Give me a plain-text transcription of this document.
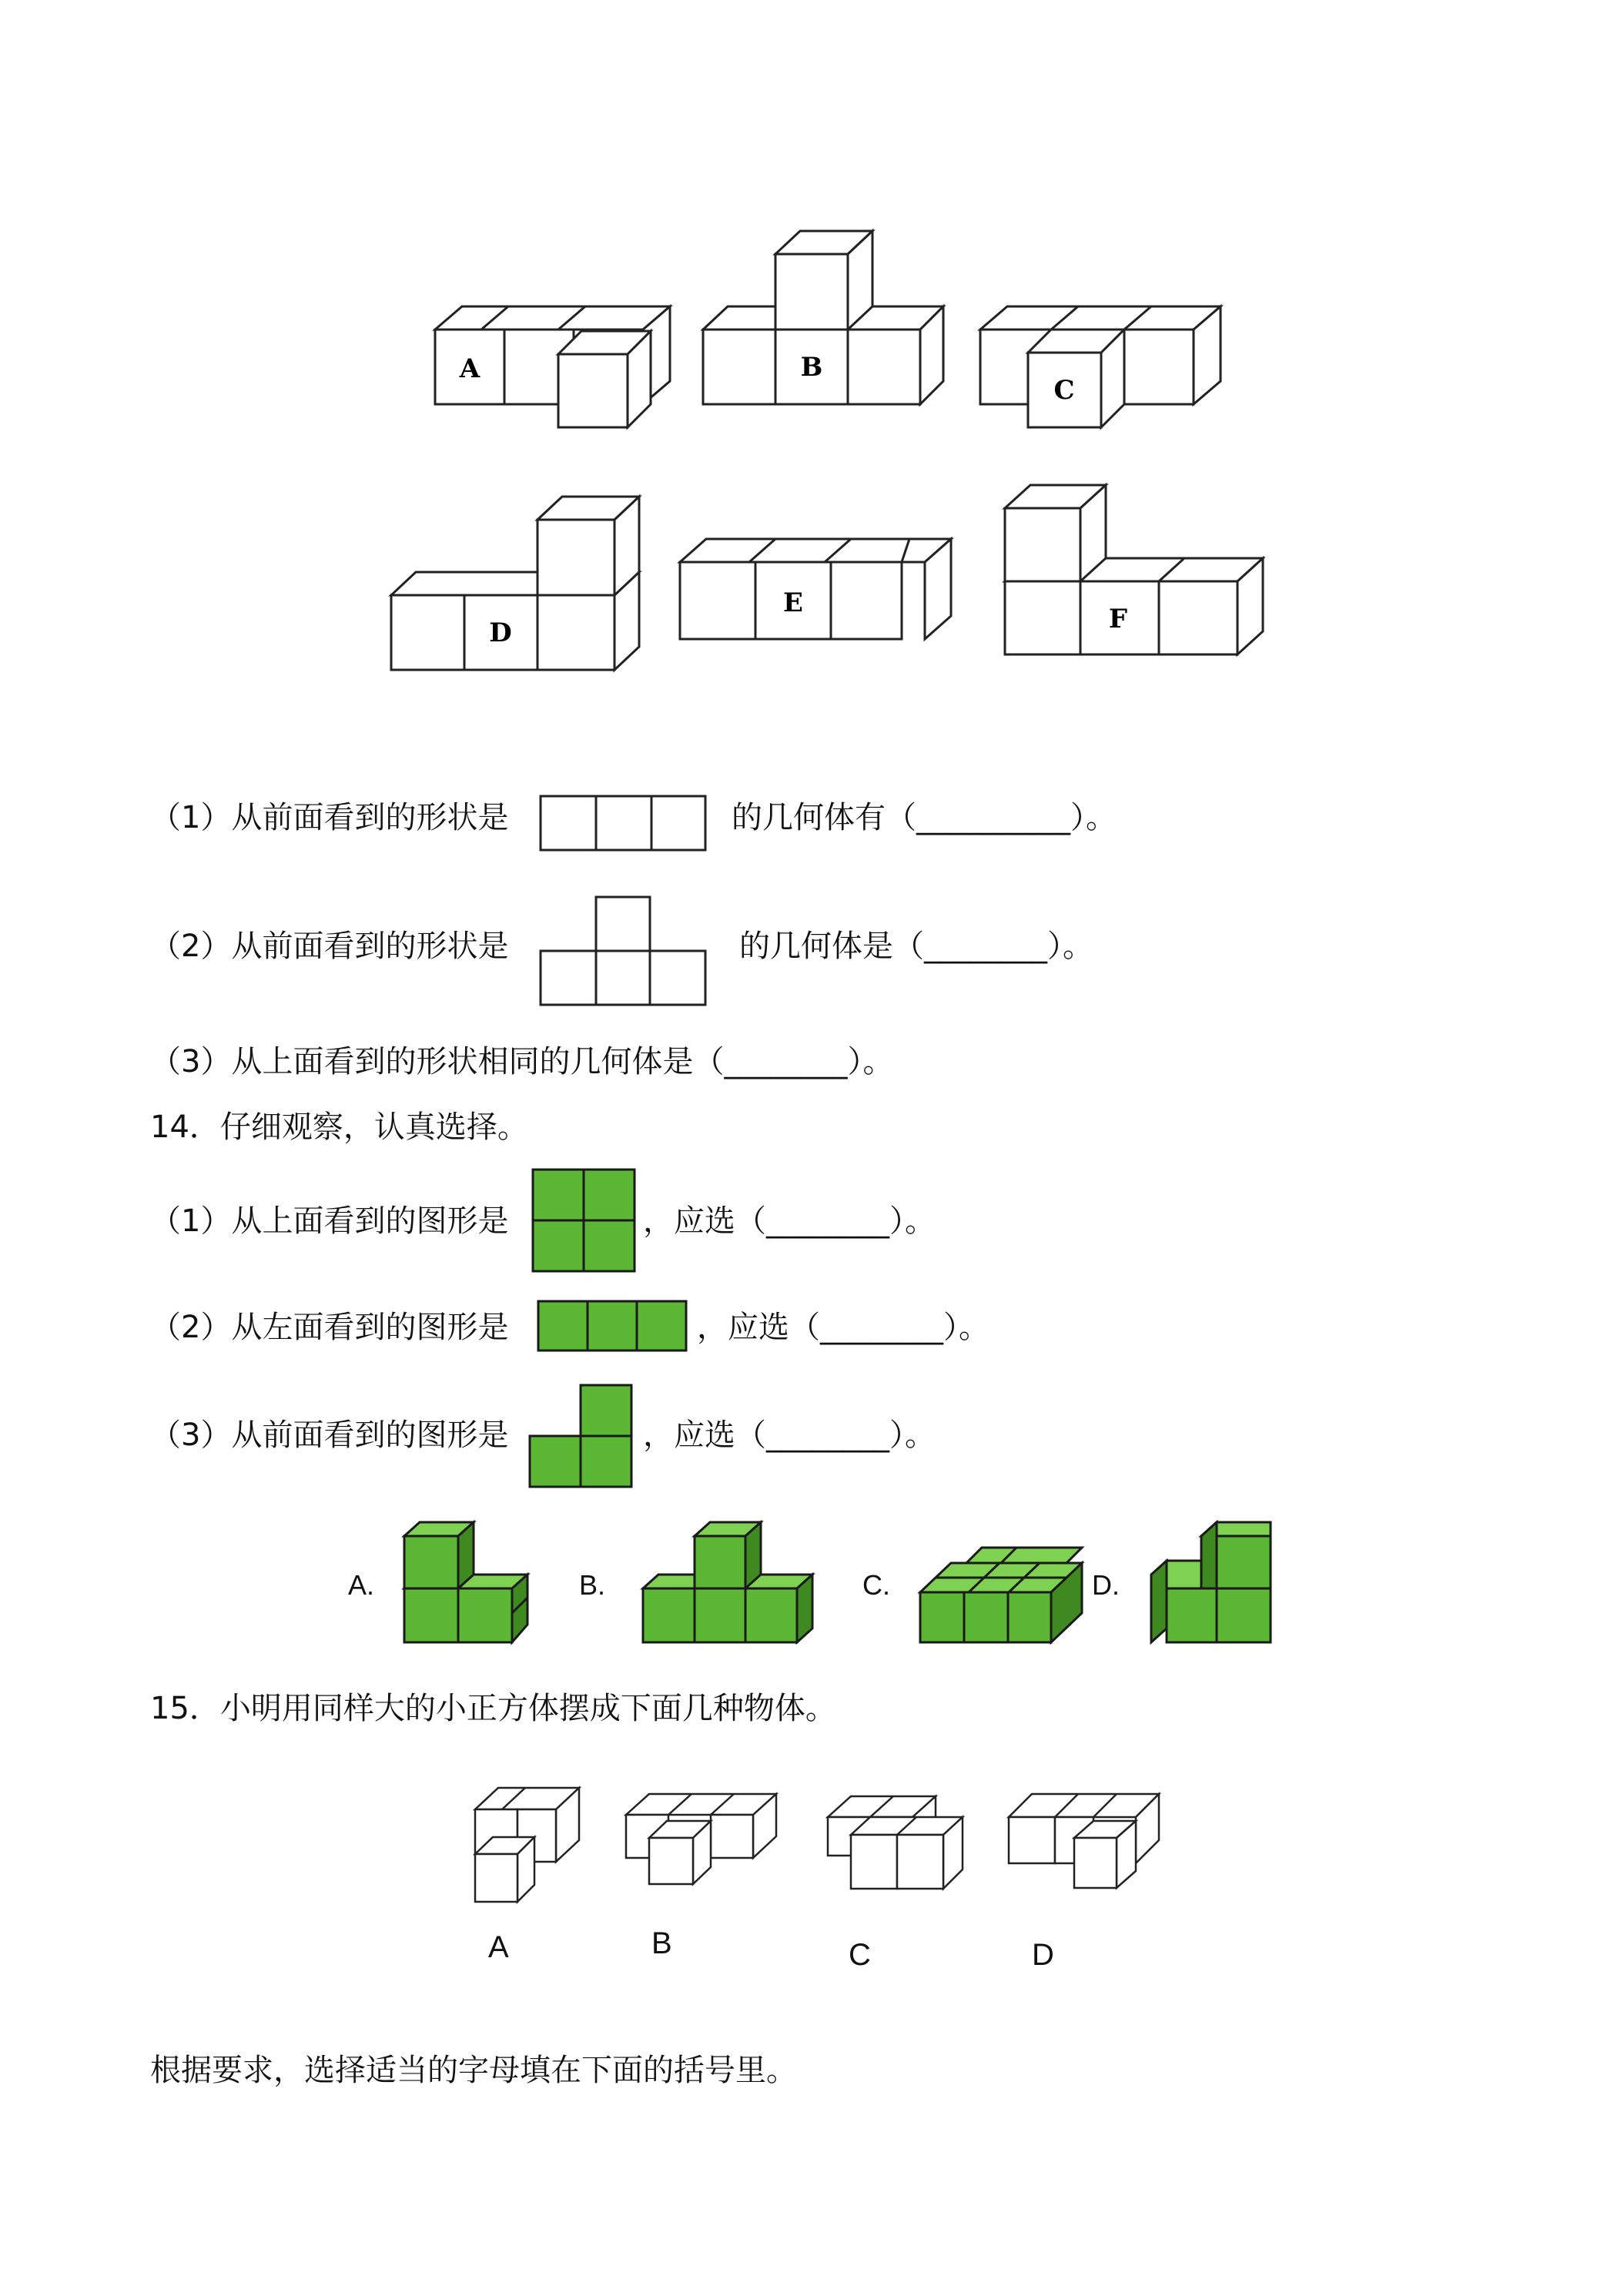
A	B
C
D
E
F
（1）从前面看到的形状是	的几何体有（__________）。
（2）从前面看到的形状是	的几何体是（________）。
（3）从上面看到的形状相同的几何体是（________）。
14．仔细观察，认真选择。
（1）从上面看到的图形是	，应选（________）。
（2）从左面看到的图形是	，应选（________）。
（3）从前面看到的图形是	，应选（________）。
A.	B.	C.	D.
15．小明用同样大的小正方体摆成下面几种物体。
A	B	C	D
根据要求，选择适当的字母填在下面的括号里。
